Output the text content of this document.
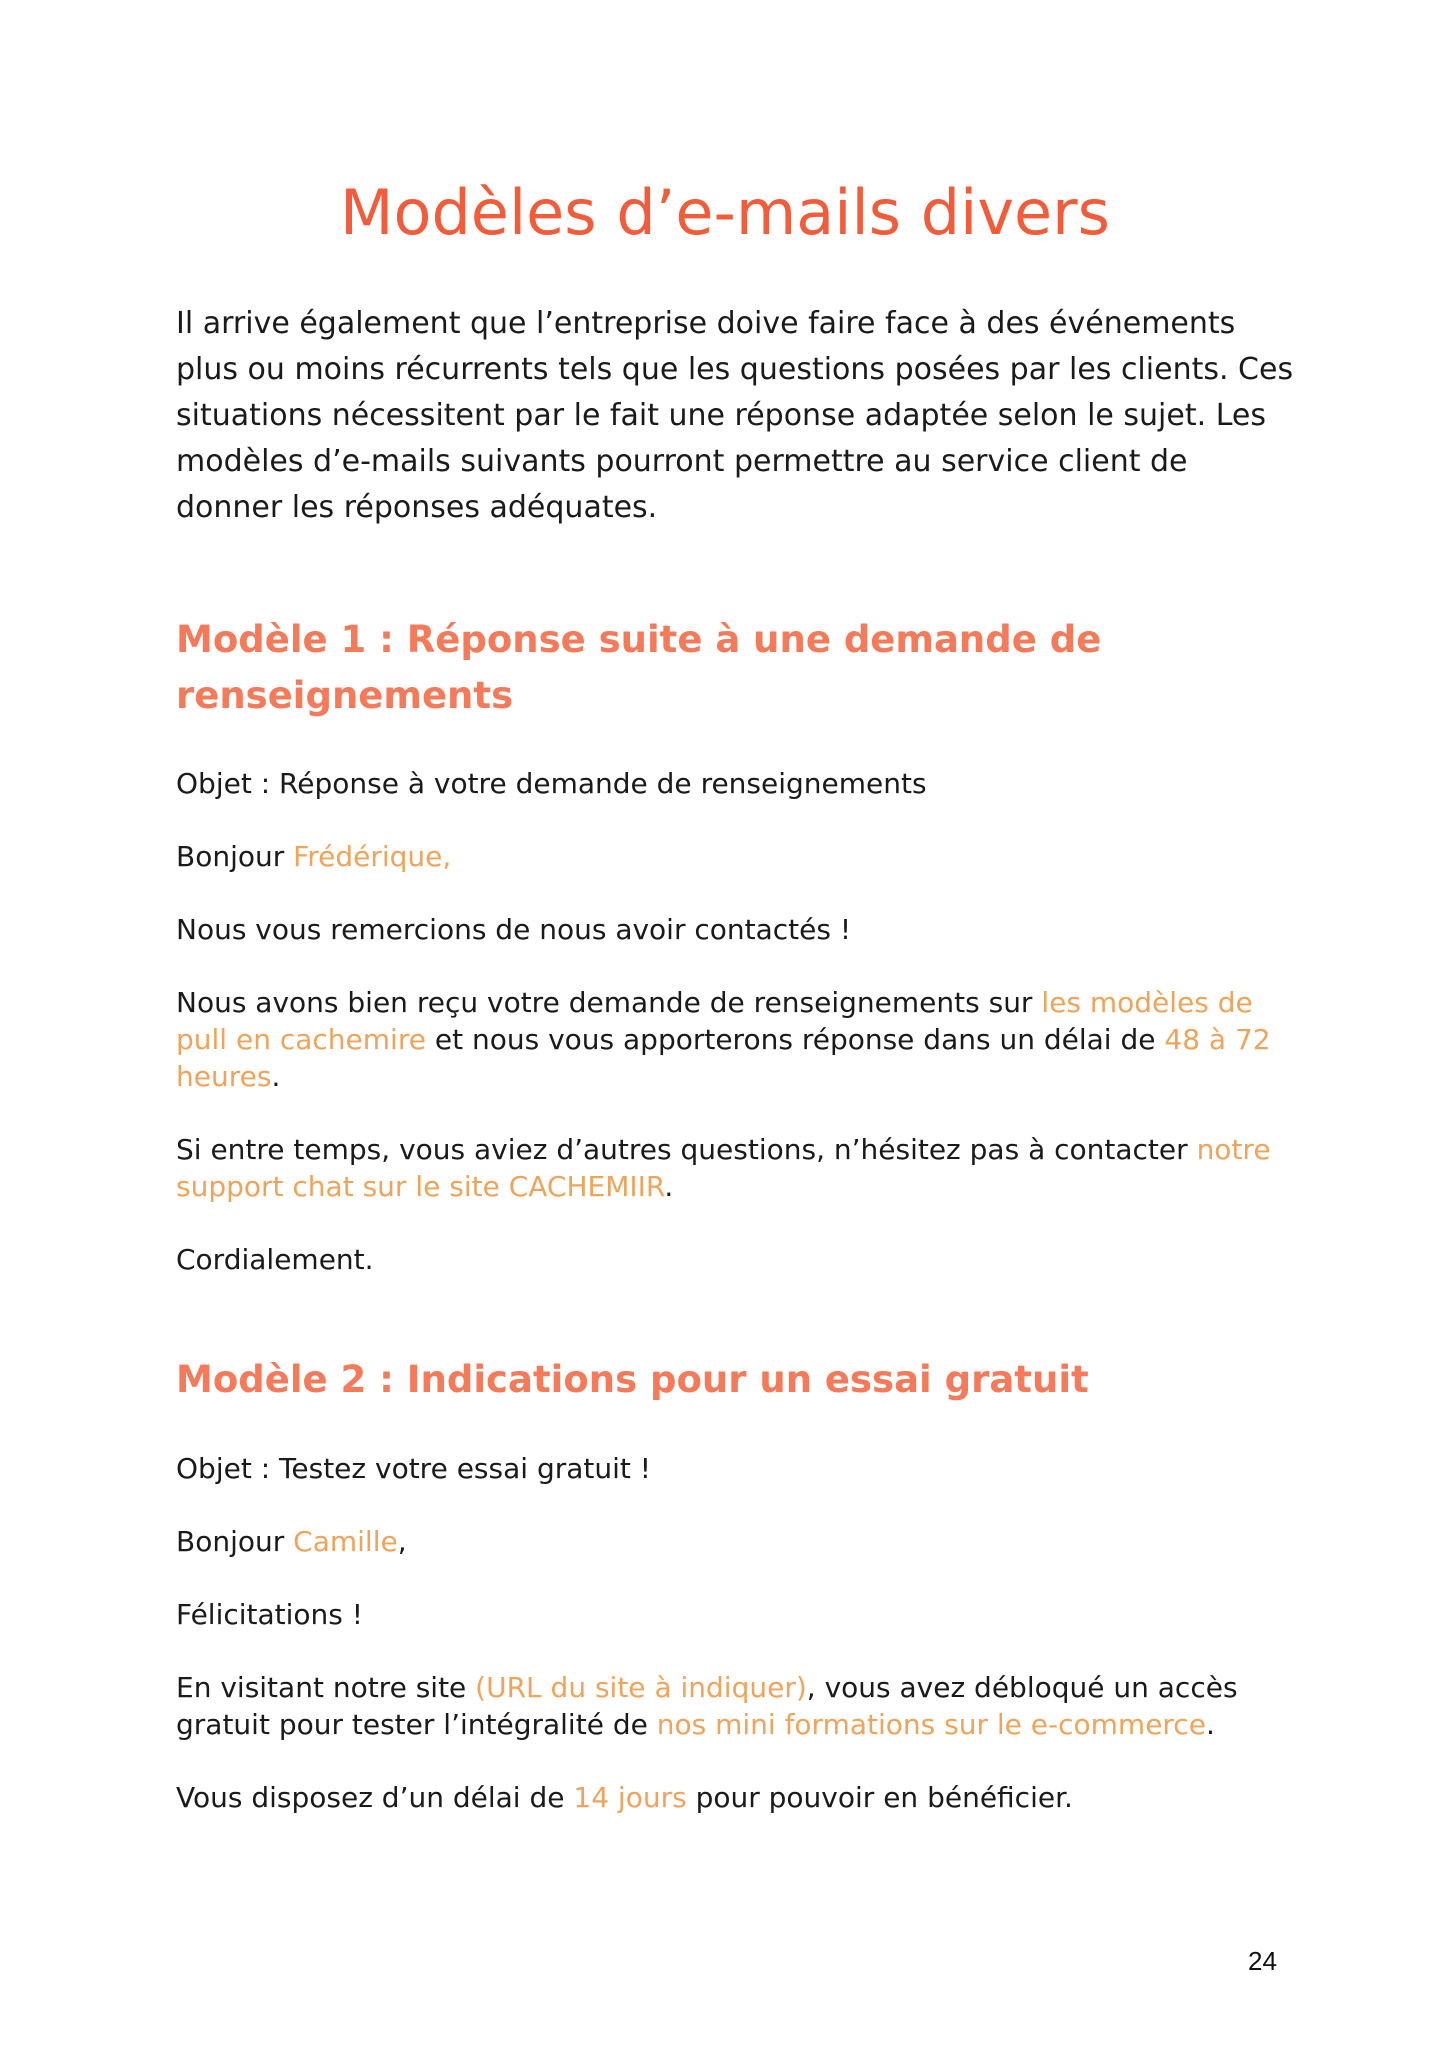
Modèles d’e-mails divers

Il arrive également que l’entreprise doive faire face à des événements plus ou moins récurrents tels que les questions posées par les clients. Ces situations nécessitent par le fait une réponse adaptée selon le sujet. Les modèles d’e-mails suivants pourront permettre au service client de donner les réponses adéquates.

Modèle 1 : Réponse suite à une demande de renseignements

Objet : Réponse à votre demande de renseignements

Bonjour Frédérique,

Nous vous remercions de nous avoir contactés !

Nous avons bien reçu votre demande de renseignements sur les modèles de pull en cachemire et nous vous apporterons réponse dans un délai de 48 à 72 heures.

Si entre temps, vous aviez d’autres questions, n’hésitez pas à contacter notre support chat sur le site CACHEMIIR.

Cordialement.

Modèle 2 : Indications pour un essai gratuit

Objet : Testez votre essai gratuit !

Bonjour Camille,

Félicitations !

En visitant notre site (URL du site à indiquer), vous avez débloqué un accès gratuit pour tester l’intégralité de nos mini formations sur le e-commerce.

Vous disposez d’un délai de 14 jours pour pouvoir en bénéficier.

24
